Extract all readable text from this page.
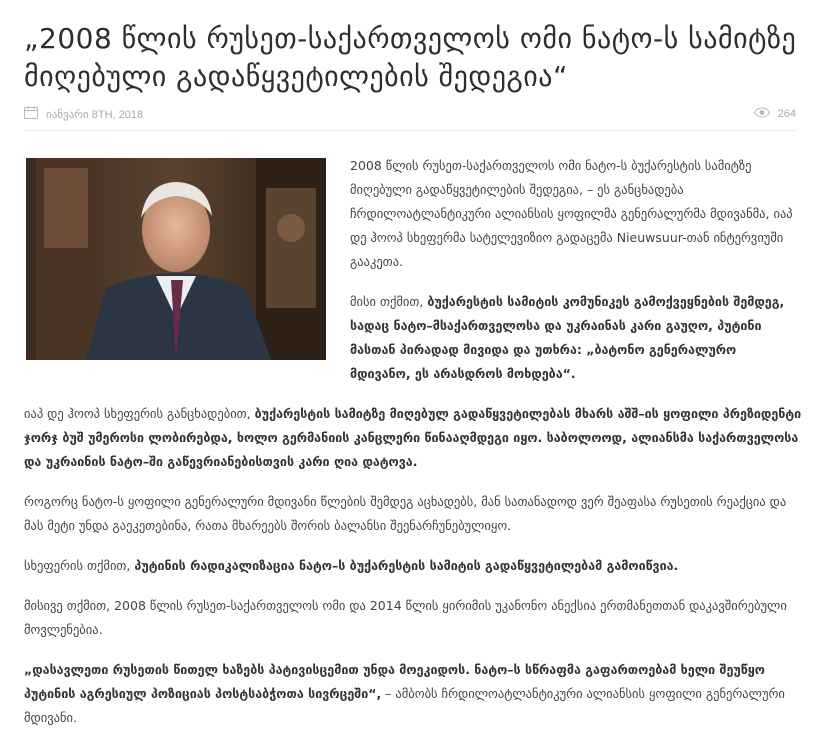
„2008 წლის რუსეთ-საქართველოს ომი ნატო-ს სამიტზე მიღებული გადაწყვეტილების შედეგია“
იანვარი 8TH, 2018	264

2008 წლის რუსეთ-საქართველოს ომი ნატო-ს ბუქარესტის სამიტზე მიღებული გადაწყვეტილების შედეგია, – ეს განცხადება ჩრდილოატლანტიკური ალიანსის ყოფილმა გენერალურმა მდივანმა, იაპ დე ჰოოპ სხეფერმა სატელევიზიო გადაცემა Nieuwsuur-თან ინტერვიუში გააკეთა.

მისი თქმით, ბუქარესტის სამიტის კომუნიკეს გამოქვეყნების შემდეგ, სადაც ნატო–მსაქართველოსა და უკრაინას კარი გაუღო, პუტინი მასთან პირადად მივიდა და უთხრა: „ბატონო გენერალურო მდივანო, ეს არასდროს მოხდება“.

იაპ დე ჰოოპ სხეფერის განცხადებით, ბუქარესტის სამიტზე მიღებულ გადაწყვეტილებას მხარს აშშ–ის ყოფილი პრეზიდენტი ჯორჯ ბუშ უმეროსი ლობირებდა, ხოლო გერმანიის კანცლერი წინააღმდეგი იყო. საბოლოოდ, ალიანსმა საქართველოსა და უკრაინის ნატო–ში გაწევრიანებისთვის კარი ღია დატოვა.

როგორც ნატო-ს ყოფილი გენერალური მდივანი წლების შემდეგ აცხადებს, მან სათანადოდ ვერ შეაფასა რუსეთის რეაქცია და მას მეტი უნდა გაეკეთებინა, რათა მხარეებს შორის ბალანსი შეენარჩუნებულიყო.

სხეფერის თქმით, პუტინის რადიკალიზაცია ნატო–ს ბუქარესტის სამიტის გადაწყვეტილებამ გამოიწვია.

მისივე თქმით, 2008 წლის რუსეთ-საქართველოს ომი და 2014 წლის ყირიმის უკანონო ანექსია ერთმანეთთან დაკავშირებული მოვლენებია.

„დასავლეთი რუსეთის წითელ ხაზებს პატივისცემით უნდა მოეკიდოს. ნატო–ს სწრაფმა გაფართოებამ ხელი შეუწყო პუტინის აგრესიულ პოზიციას პოსტსაბჭოთა სივრცეში“, – ამბობს ჩრდილოატლანტიკური ალიანსის ყოფილი გენერალური მდივანი.
